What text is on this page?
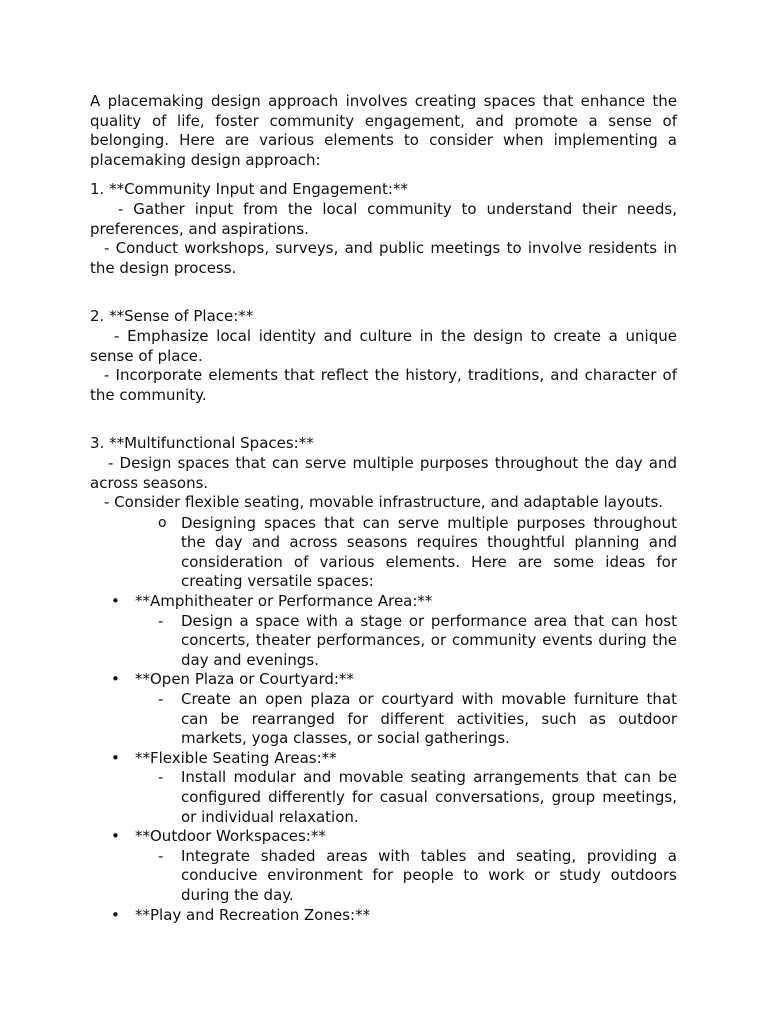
A placemaking design approach involves creating spaces that enhance the quality of life, foster community engagement, and promote a sense of belonging. Here are various elements to consider when implementing a placemaking design approach:

1. **Community Input and Engagement:**

- Gather input from the local community to understand their needs, preferences, and aspirations.

- Conduct workshops, surveys, and public meetings to involve residents in the design process.

2. **Sense of Place:**

- Emphasize local identity and culture in the design to create a unique sense of place.

- Incorporate elements that reflect the history, traditions, and character of the community.

3. **Multifunctional Spaces:**

- Design spaces that can serve multiple purposes throughout the day and across seasons.

- Consider flexible seating, movable infrastructure, and adaptable layouts.

o Designing spaces that can serve multiple purposes throughout the day and across seasons requires thoughtful planning and consideration of various elements. Here are some ideas for creating versatile spaces:

• **Amphitheater or Performance Area:**

- Design a space with a stage or performance area that can host concerts, theater performances, or community events during the day and evenings.

• **Open Plaza or Courtyard:**

- Create an open plaza or courtyard with movable furniture that can be rearranged for different activities, such as outdoor markets, yoga classes, or social gatherings.

• **Flexible Seating Areas:**

- Install modular and movable seating arrangements that can be configured differently for casual conversations, group meetings, or individual relaxation.

• **Outdoor Workspaces:**

- Integrate shaded areas with tables and seating, providing a conducive environment for people to work or study outdoors during the day.

• **Play and Recreation Zones:**
